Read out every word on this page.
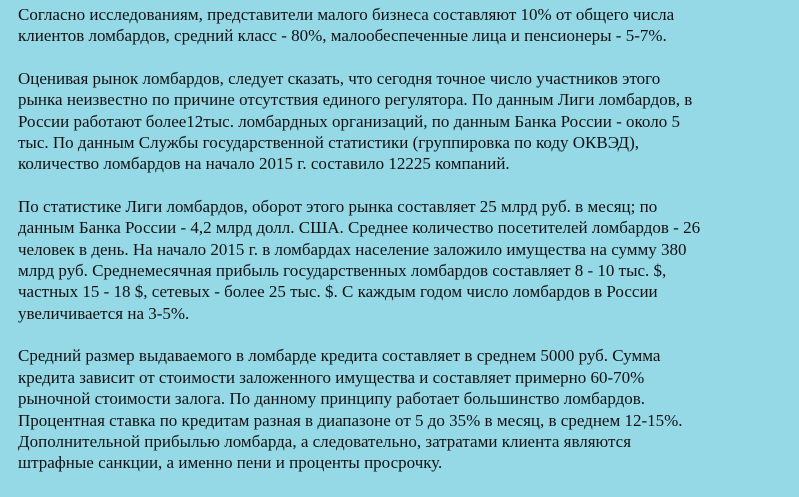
Согласно исследованиям, представители малого бизнеса составляют 10% от общего числа
клиентов ломбардов, средний класс - 80%, малообеспеченные лица и пенсионеры - 5-7%.
Оценивая рынок ломбардов, следует сказать, что сегодня точное число участников этого
рынка неизвестно по причине отсутствия единого регулятора. По данным Лиги ломбардов, в
России работают более12тыс. ломбардных организаций, по данным Банка России - около 5
тыс. По данным Службы государственной статистики (группировка по коду ОКВЭД),
количество ломбардов на начало 2015 г. составило 12225 компаний.
По статистике Лиги ломбардов, оборот этого рынка составляет 25 млрд руб. в месяц; по
данным Банка России - 4,2 млрд долл. США. Среднее количество посетителей ломбардов - 26
человек в день. На начало 2015 г. в ломбардах население заложило имущества на сумму 380
млрд руб. Среднемесячная прибыль государственных ломбардов составляет 8 - 10 тыс. $,
частных 15 - 18 $, сетевых - более 25 тыс. $. С каждым годом число ломбардов в России
увеличивается на 3-5%.
Средний размер выдаваемого в ломбарде кредита составляет в среднем 5000 руб. Сумма
кредита зависит от стоимости заложенного имущества и составляет примерно 60-70%
рыночной стоимости залога. По данному принципу работает большинство ломбардов.
Процентная ставка по кредитам разная в диапазоне от 5 до 35% в месяц, в среднем 12-15%.
Дополнительной прибылью ломбарда, а следовательно, затратами клиента являются
штрафные санкции, а именно пени и проценты просрочку.
